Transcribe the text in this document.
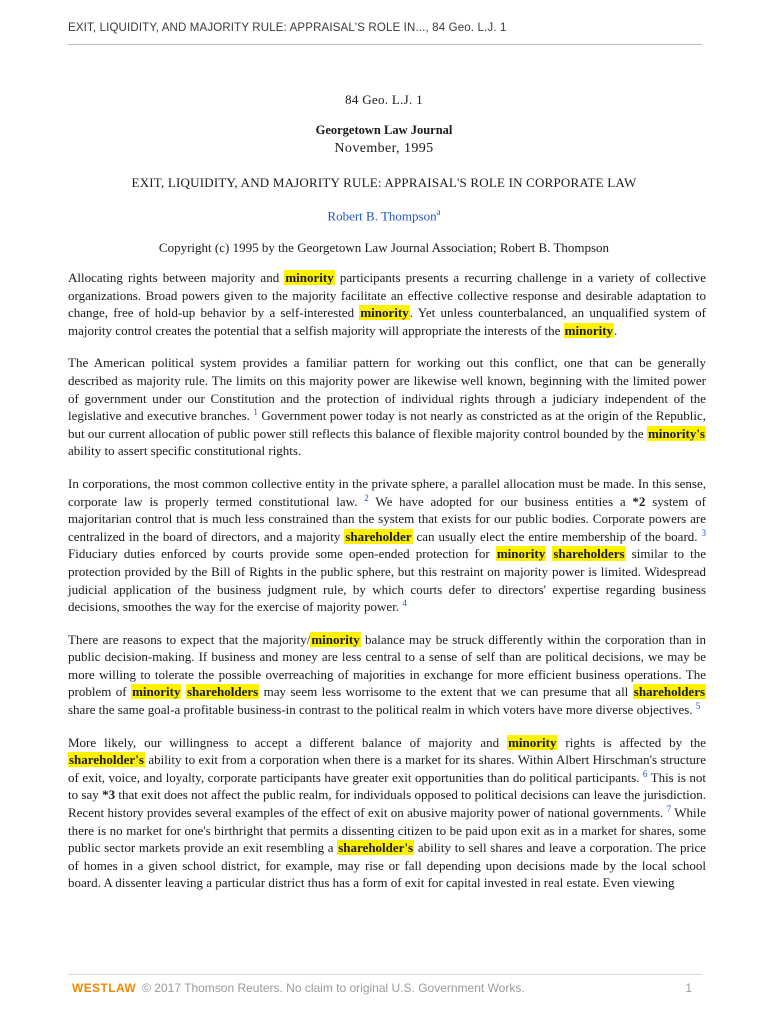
EXIT, LIQUIDITY, AND MAJORITY RULE: APPRAISAL'S ROLE IN..., 84 Geo. L.J. 1
84 Geo. L.J. 1
Georgetown Law Journal
November, 1995
EXIT, LIQUIDITY, AND MAJORITY RULE: APPRAISAL'S ROLE IN CORPORATE LAW
Robert B. Thompson$^a$
Copyright (c) 1995 by the Georgetown Law Journal Association; Robert B. Thompson

Allocating rights between majority and minority participants presents a recurring challenge in a variety of collective organizations. Broad powers given to the majority facilitate an effective collective response and desirable adaptation to change, free of hold-up behavior by a self-interested minority. Yet unless counterbalanced, an unqualified system of majority control creates the potential that a selfish majority will appropriate the interests of the minority.

The American political system provides a familiar pattern for working out this conflict, one that can be generally described as majority rule. The limits on this majority power are likewise well known, beginning with the limited power of government under our Constitution and the protection of individual rights through a judiciary independent of the legislative and executive branches. $^1$ Government power today is not nearly as constricted as at the origin of the Republic, but our current allocation of public power still reflects this balance of flexible majority control bounded by the minority's ability to assert specific constitutional rights.

In corporations, the most common collective entity in the private sphere, a parallel allocation must be made. In this sense, corporate law is properly termed constitutional law. $^2$ We have adopted for our business entities a *2 system of majoritarian control that is much less constrained than the system that exists for our public bodies. Corporate powers are centralized in the board of directors, and a majority shareholder can usually elect the entire membership of the board. $^3$ Fiduciary duties enforced by courts provide some open-ended protection for minority shareholders similar to the protection provided by the Bill of Rights in the public sphere, but this restraint on majority power is limited. Widespread judicial application of the business judgment rule, by which courts defer to directors' expertise regarding business decisions, smoothes the way for the exercise of majority power. $^4$

There are reasons to expect that the majority/minority balance may be struck differently within the corporation than in public decision-making. If business and money are less central to a sense of self than are political decisions, we may be more willing to tolerate the possible overreaching of majorities in exchange for more efficient business operations. The problem of minority shareholders may seem less worrisome to the extent that we can presume that all shareholders share the same goal-a profitable business-in contrast to the political realm in which voters have more diverse objectives. $^5$

More likely, our willingness to accept a different balance of majority and minority rights is affected by the shareholder's ability to exit from a corporation when there is a market for its shares. Within Albert Hirschman's structure of exit, voice, and loyalty, corporate participants have greater exit opportunities than do political participants. $^6$ This is not to say *3 that exit does not affect the public realm, for individuals opposed to political decisions can leave the jurisdiction. Recent history provides several examples of the effect of exit on abusive majority power of national governments. $^7$ While there is no market for one's birthright that permits a dissenting citizen to be paid upon exit as in a market for shares, some public sector markets provide an exit resembling a shareholder's ability to sell shares and leave a corporation. The price of homes in a given school district, for example, may rise or fall depending upon decisions made by the local school board. A dissenter leaving a particular district thus has a form of exit for capital invested in real estate. Even viewing

WESTLAW © 2017 Thomson Reuters. No claim to original U.S. Government Works.	1
